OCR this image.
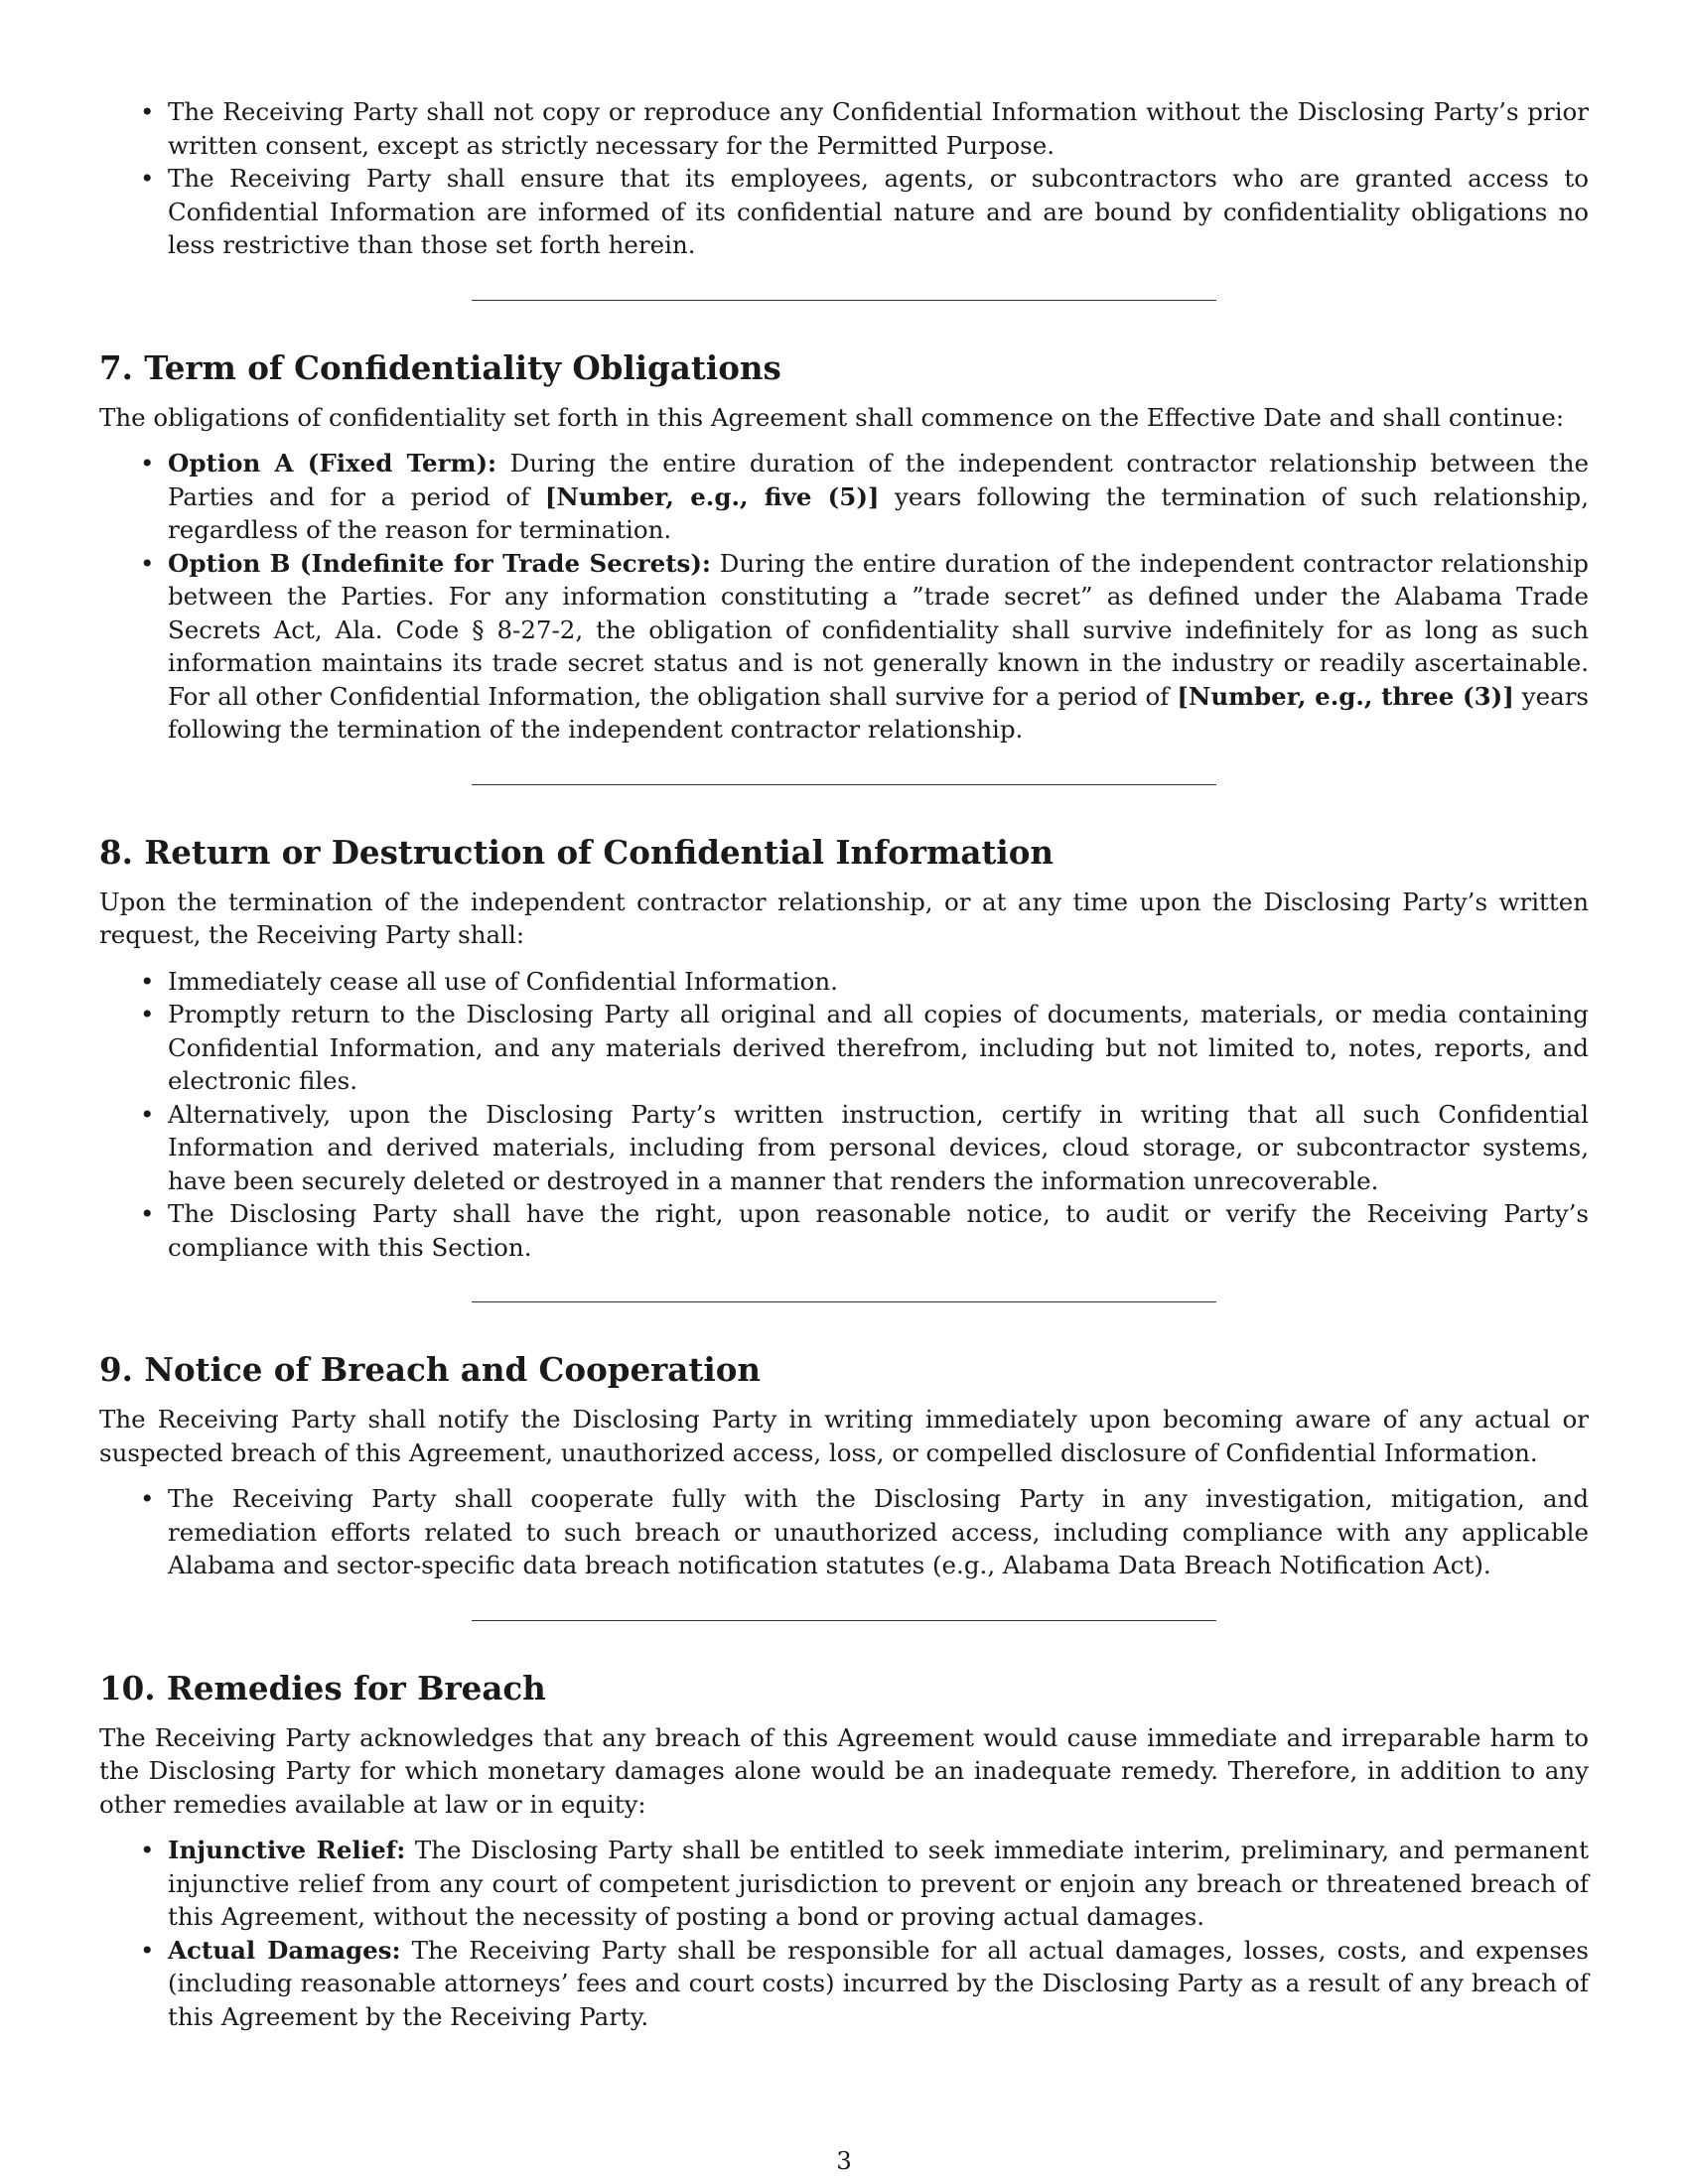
• The Receiving Party shall not copy or reproduce any Confidential Information without the Disclosing Party’s prior written consent, except as strictly necessary for the Permitted Purpose.
• The Receiving Party shall ensure that its employees, agents, or subcontractors who are granted access to Confidential Information are informed of its confidential nature and are bound by confidentiality obligations no less restrictive than those set forth herein.
7. Term of Confidentiality Obligations

The obligations of confidentiality set forth in this Agreement shall commence on the Effective Date and shall continue:

• Option A (Fixed Term): During the entire duration of the independent contractor relationship between the Parties and for a period of [Number, e.g., five (5)] years following the termination of such relationship, regardless of the reason for termination.
• Option B (Indefinite for Trade Secrets): During the entire duration of the independent contractor relationship between the Parties. For any information constituting a ”trade secret” as defined under the Alabama Trade Secrets Act, Ala. Code § 8-27-2, the obligation of confidentiality shall survive indefinitely for as long as such information maintains its trade secret status and is not generally known in the industry or readily ascertainable. For all other Confidential Information, the obligation shall survive for a period of [Number, e.g., three (3)] years following the termination of the independent contractor relationship.
8. Return or Destruction of Confidential Information

Upon the termination of the independent contractor relationship, or at any time upon the Disclosing Party’s written request, the Receiving Party shall:

• Immediately cease all use of Confidential Information.
• Promptly return to the Disclosing Party all original and all copies of documents, materials, or media containing Confidential Information, and any materials derived therefrom, including but not limited to, notes, reports, and electronic files.
• Alternatively, upon the Disclosing Party’s written instruction, certify in writing that all such Confidential Information and derived materials, including from personal devices, cloud storage, or subcontractor systems, have been securely deleted or destroyed in a manner that renders the information unrecoverable.
• The Disclosing Party shall have the right, upon reasonable notice, to audit or verify the Receiving Party’s compliance with this Section.
9. Notice of Breach and Cooperation

The Receiving Party shall notify the Disclosing Party in writing immediately upon becoming aware of any actual or suspected breach of this Agreement, unauthorized access, loss, or compelled disclosure of Confidential Information.

• The Receiving Party shall cooperate fully with the Disclosing Party in any investigation, mitigation, and remediation efforts related to such breach or unauthorized access, including compliance with any applicable Alabama and sector-specific data breach notification statutes (e.g., Alabama Data Breach Notification Act).
10. Remedies for Breach

The Receiving Party acknowledges that any breach of this Agreement would cause immediate and irreparable harm to the Disclosing Party for which monetary damages alone would be an inadequate remedy. Therefore, in addition to any other remedies available at law or in equity:

• Injunctive Relief: The Disclosing Party shall be entitled to seek immediate interim, preliminary, and permanent injunctive relief from any court of competent jurisdiction to prevent or enjoin any breach or threatened breach of this Agreement, without the necessity of posting a bond or proving actual damages.
• Actual Damages: The Receiving Party shall be responsible for all actual damages, losses, costs, and expenses (including reasonable attorneys’ fees and court costs) incurred by the Disclosing Party as a result of any breach of this Agreement by the Receiving Party.
3
